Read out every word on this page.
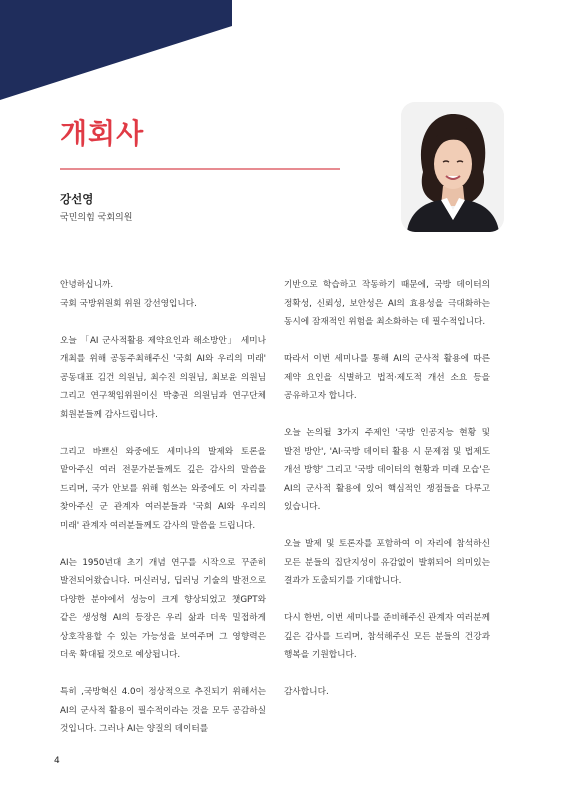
개회사
강선영
국민의힘 국회의원

안녕하십니까.
국회 국방위원회 위원 강선영입니다.

오늘 「AI 군사적활용 제약요인과 해소방안」 세미나 개최를 위해 공동주최해주신 '국회 AI와 우리의 미래' 공동대표 김건 의원님, 최수진 의원님, 최보윤 의원님 그리고 연구책임위원이신 박충권 의원님과 연구단체 회원분들께 감사드립니다.

그리고 바쁘신 와중에도 세미나의 발제와 토론을 맡아주신 여러 전문가분들께도 깊은 감사의 말씀을 드리며, 국가 안보를 위해 힘쓰는 와중에도 이 자리를 찾아주신 군 관계자 여러분들과 '국회 AI와 우리의 미래' 관계자 여러분들께도 감사의 말씀을 드립니다.

AI는 1950년대 초기 개념 연구를 시작으로 꾸준히 발전되어왔습니다. 머신러닝, 딥러닝 기술의 발전으로 다양한 분야에서 성능이 크게 향상되었고 챗GPT와 같은 생성형 AI의 등장은 우리 삶과 더욱 밀접하게 상호작용할 수 있는 가능성을 보여주며 그 영향력은 더욱 확대될 것으로 예상됩니다.

특히 ,국방혁신 4.0이 정상적으로 추진되기 위해서는 AI의 군사적 활용이 필수적이라는 것을 모두 공감하실 것입니다. 그러나 AI는 양질의 데이터를

기반으로 학습하고 작동하기 때문에, 국방 데이터의 정확성, 신뢰성, 보안성은 AI의 효용성을 극대화하는 동시에 잠재적인 위험을 최소화하는 데 필수적입니다.

따라서 이번 세미나를 통해 AI의 군사적 활용에 따른 제약 요인을 식별하고 법적·제도적 개선 소요 등을 공유하고자 합니다.

오늘 논의될 3가지 주제인 '국방 인공지능 현황 및 발전 방안', 'AI·국방 데이터 활용 시 문제점 및 법제도 개선 방향' 그리고 '국방 데이터의 현황과 미래 모습'은 AI의 군사적 활용에 있어 핵심적인 쟁점들을 다루고 있습니다.

오늘 발제 및 토론자를 포함하여 이 자리에 참석하신 모든 분들의 집단지성이 유감없이 발휘되어 의미있는 결과가 도출되기를 기대합니다.

다시 한번, 이번 세미나를 준비해주신 관계자 여러분께 깊은 감사를 드리며, 참석해주신 모든 분들의 건강과 행복을 기원합니다.

감사합니다.

4
